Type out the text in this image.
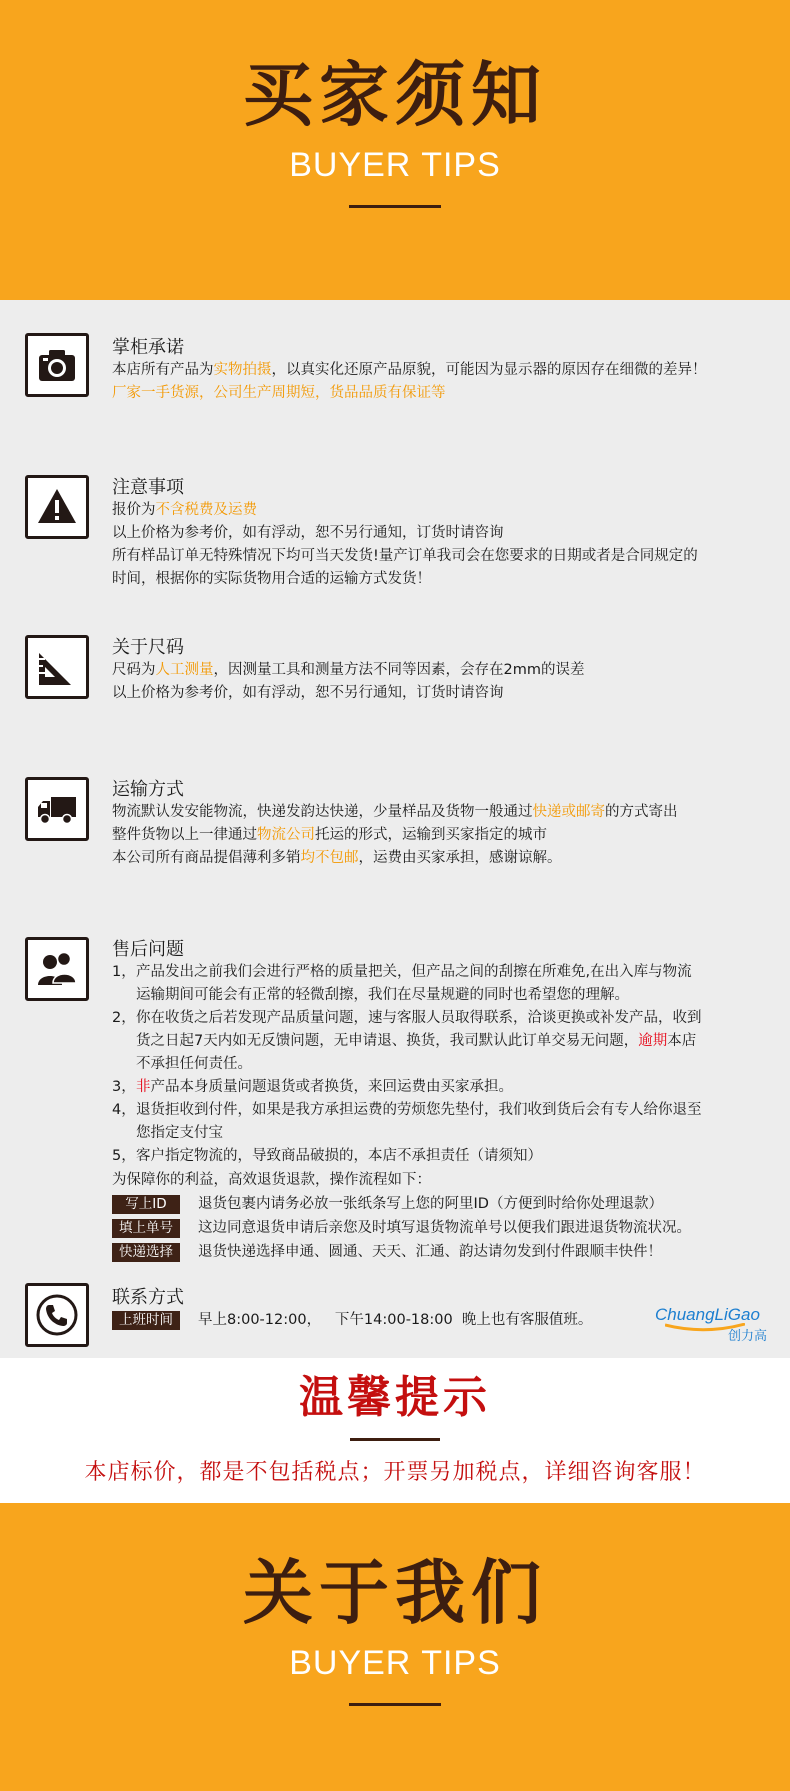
买家须知
BUYER TIPS
掌柜承诺
本店所有产品为实物拍摄，以真实化还原产品原貌，可能因为显示器的原因存在细微的差异！
厂家一手货源，公司生产周期短，货品品质有保证等
注意事项
报价为不含税费及运费
以上价格为参考价，如有浮动，恕不另行通知，订货时请咨询
所有样品订单无特殊情况下均可当天发货!量产订单我司会在您要求的日期或者是合同规定的
时间，根据你的实际货物用合适的运输方式发货！
关于尺码
尺码为人工测量，因测量工具和测量方法不同等因素，会存在2mm的误差
以上价格为参考价，如有浮动，恕不另行通知，订货时请咨询
运输方式
物流默认发安能物流，快递发韵达快递，少量样品及货物一般通过快递或邮寄的方式寄出
整件货物以上一律通过物流公司托运的形式，运输到买家指定的城市
本公司所有商品提倡薄利多销均不包邮，运费由买家承担，感谢谅解。
售后问题
1， 产品发出之前我们会进行严格的质量把关，但产品之间的刮擦在所难免,在出入库与物流
运输期间可能会有正常的轻微刮擦，我们在尽量规避的同时也希望您的理解。
2， 你在收货之后若发现产品质量问题，速与客服人员取得联系，洽谈更换或补发产品，收到
货之日起7天内如无反馈问题，无申请退、换货，我司默认此订单交易无问题，逾期本店
不承担任何责任。
3， 非产品本身质量问题退货或者换货，来回运费由买家承担。
4， 退货拒收到付件，如果是我方承担运费的劳烦您先垫付，我们收到货后会有专人给你退至
您指定支付宝
5， 客户指定物流的，导致商品破损的，本店不承担责任（请须知）
为保障你的利益，高效退货退款，操作流程如下：
写上ID	退货包裹内请务必放一张纸条写上您的阿里ID（方便到时给你处理退款）
填上单号	这边同意退货申请后亲您及时填写退货物流单号以便我们跟进退货物流状况。
快递选择	退货快递选择申通、圆通、天天、汇通、韵达请勿发到付件跟顺丰快件！
联系方式
上班时间	早上8:00-12:00，   下午14:00-18:00  晚上也有客服值班。	ChuangLiGao
创力高
温馨提示

本店标价，都是不包括税点；开票另加税点，详细咨询客服！

关于我们
BUYER TIPS
